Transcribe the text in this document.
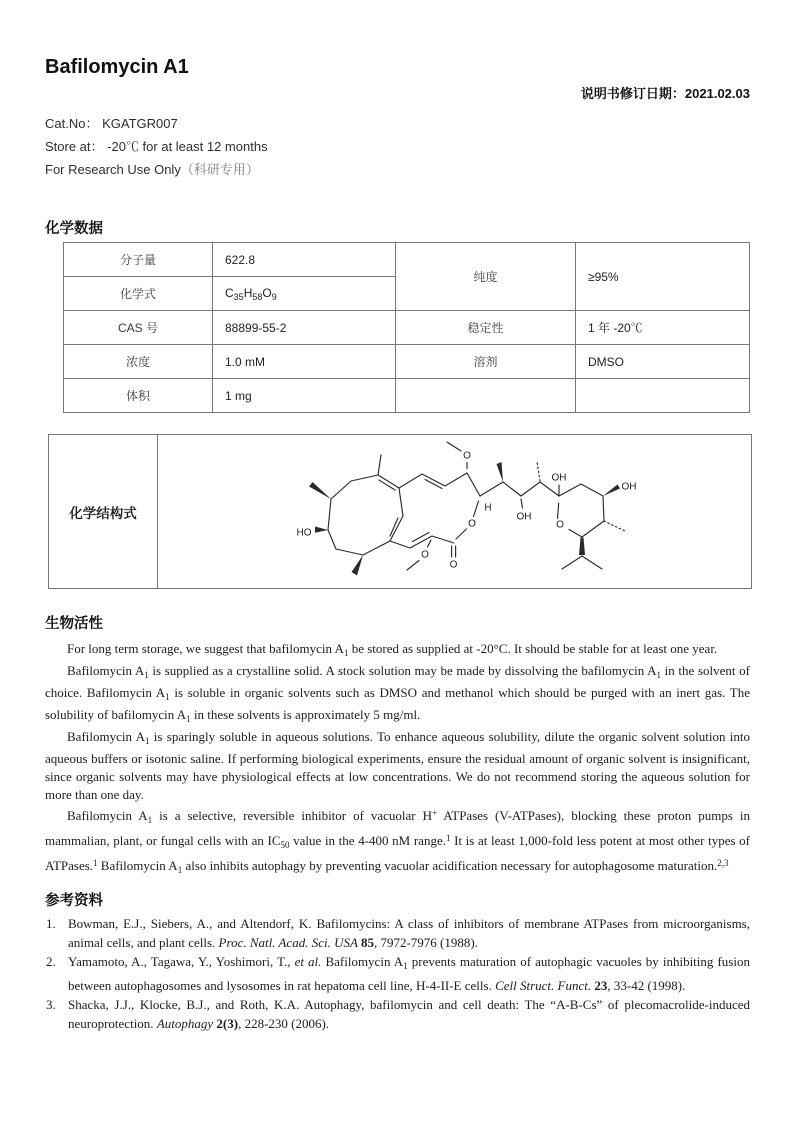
Bafilomycin A1
说明书修订日期：2021.02.03
Cat.No： KGATGR007
Store at： -20℃ for at least 12 months
For Research Use Only（科研专用）
化学数据
分子量	622.8	纯度	≥95%
化学式	$C_{35}H_{58}O_9$
CAS 号	88899-55-2	稳定性	1 年 -20℃
浓度	1.0 mM	溶剂	DMSO
体积	1 mg		
化学结构式
HO
O
H
O
O
O
OH
OH
OH
O
生物活性

For long term storage, we suggest that bafilomycin $A_1$ be stored as supplied at -20°C. It should be stable for at least one year.

Bafilomycin $A_1$ is supplied as a crystalline solid. A stock solution may be made by dissolving the bafilomycin $A_1$ in the solvent of choice. Bafilomycin $A_1$ is soluble in organic solvents such as DMSO and methanol which should be purged with an inert gas. The solubility of bafilomycin $A_1$ in these solvents is approximately 5 mg/ml.

Bafilomycin $A_1$ is sparingly soluble in aqueous solutions. To enhance aqueous solubility, dilute the organic solvent solution into aqueous buffers or isotonic saline. If performing biological experiments, ensure the residual amount of organic solvent is insignificant, since organic solvents may have physiological effects at low concentrations. We do not recommend storing the aqueous solution for more than one day.

Bafilomycin $A_1$ is a selective, reversible inhibitor of vacuolar H+ ATPases (V-ATPases), blocking these proton pumps in mammalian, plant, or fungal cells with an $IC_{50}$ value in the 4-400 nM range.$^1$ It is at least 1,000-fold less potent at most other types of ATPases.$^1$ Bafilomycin $A_1$ also inhibits autophagy by preventing vacuolar acidification necessary for autophagosome maturation.$^{2,3}$

参考资料
1. Bowman, E.J., Siebers, A., and Altendorf, K. Bafilomycins: A class of inhibitors of membrane ATPases from microorganisms, animal cells, and plant cells. Proc. Natl. Acad. Sci. USA 85, 7972-7976 (1988).
2. Yamamoto, A., Tagawa, Y., Yoshimori, T., et al. Bafilomycin $A_1$ prevents maturation of autophagic vacuoles by inhibiting fusion between autophagosomes and lysosomes in rat hepatoma cell line, H-4-II-E cells. Cell Struct. Funct. 23, 33-42 (1998).
3. Shacka, J.J., Klocke, B.J., and Roth, K.A. Autophagy, bafilomycin and cell death: The “A-B-Cs” of plecomacrolide-induced neuroprotection. Autophagy 2(3), 228-230 (2006).
